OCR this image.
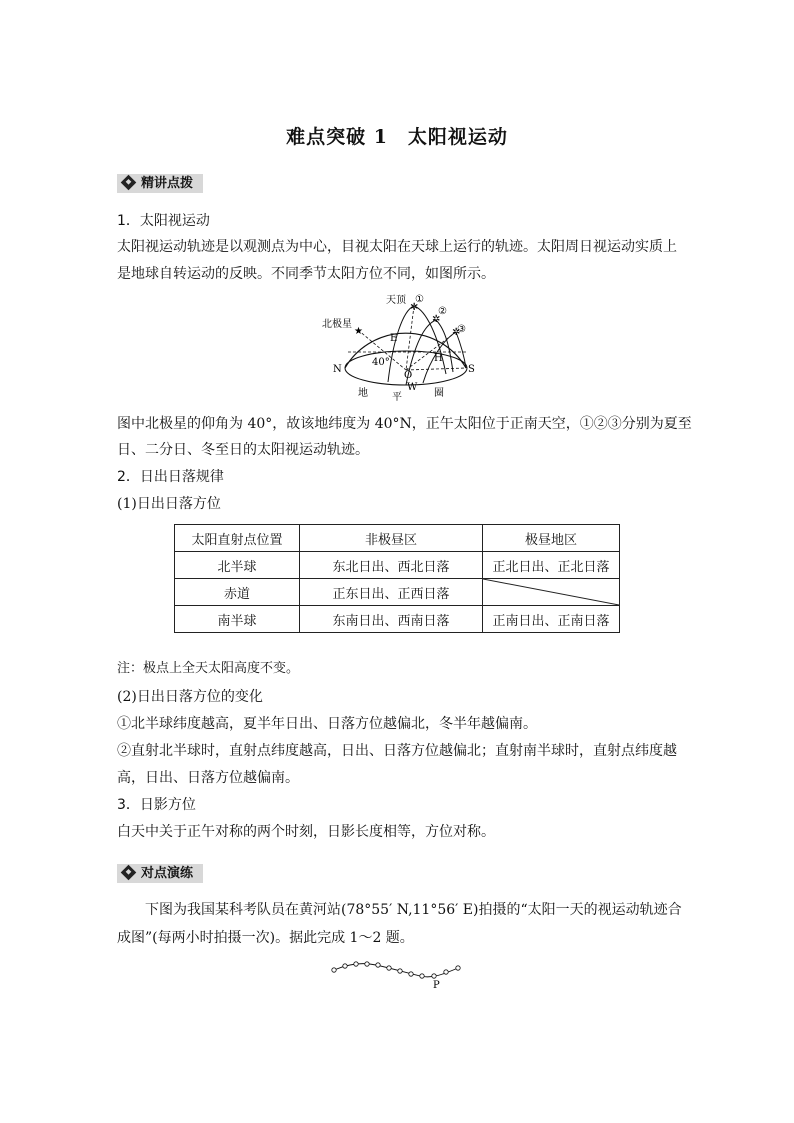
难点突破 1　太阳视运动
精讲点拨
1．太阳视运动
太阳视运动轨迹是以观测点为中心，目视太阳在天球上运行的轨迹。太阳周日视运动实质上
是地球自转运动的反映。不同季节太阳方位不同，如图所示。
★
✲
✲
✲
天顶 ①
②
③
北极星
E
H
40°
O
N	S
W
地 平	圈
图中北极星的仰角为 40°，故该地纬度为 40°N，正午太阳位于正南天空，①②③分别为夏至
日、二分日、冬至日的太阳视运动轨迹。
2．日出日落规律
(1)日出日落方位
太阳直射点位置	非极昼区	极昼地区
北半球	东北日出、西北日落	正北日出、正北日落
赤道	正东日出、正西日落	

南半球	东南日出、西南日落	正南日出、正南日落
注：极点上全天太阳高度不变。
(2)日出日落方位的变化
①北半球纬度越高，夏半年日出、日落方位越偏北，冬半年越偏南。
②直射北半球时，直射点纬度越高，日出、日落方位越偏北；直射南半球时，直射点纬度越
高，日出、日落方位越偏南。
3．日影方位
白天中关于正午对称的两个时刻，日影长度相等，方位对称。
对点演练
下图为我国某科考队员在黄河站(78°55′ N,11°56′ E)拍摄的“太阳一天的视运动轨迹合
成图”(每两小时拍摄一次)。据此完成 1～2 题。
P
